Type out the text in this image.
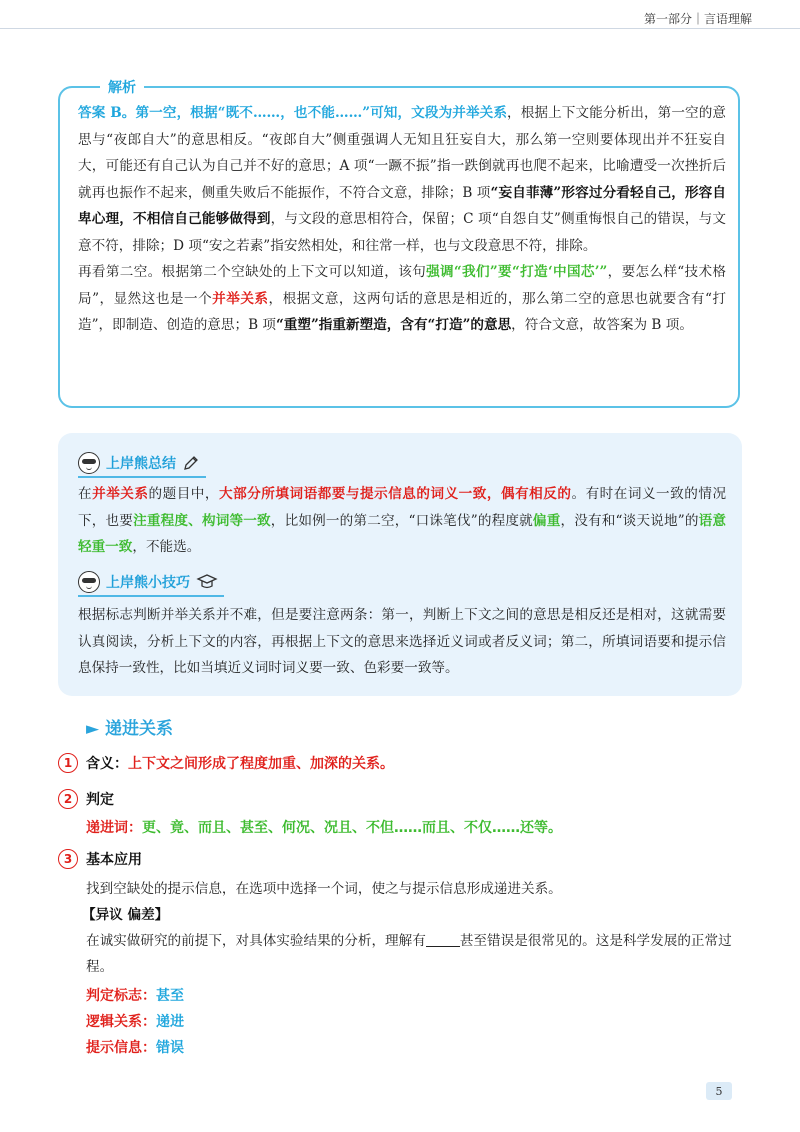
第一部分｜言语理解
解析

答案 B。第一空，根据“既不……，也不能……”可知，文段为并举关系，根据上下文能分析出，第一空的意思与“夜郎自大”的意思相反。“夜郎自大”侧重强调人无知且狂妄自大，那么第一空则要体现出并不狂妄自大，可能还有自己认为自己并不好的意思；A 项“一蹶不振”指一跌倒就再也爬不起来，比喻遭受一次挫折后就再也振作不起来，侧重失败后不能振作，不符合文意，排除；B 项“妄自菲薄”形容过分看轻自己，形容自卑心理，不相信自己能够做得到，与文段的意思相符合，保留；C 项“自怨自艾”侧重悔恨自己的错误，与文意不符，排除；D 项“安之若素”指安然相处，和往常一样，也与文段意思不符，排除。

再看第二空。根据第二个空缺处的上下文可以知道，该句强调“我们”要“打造‘中国芯’”，要怎么样“技术格局”，显然这也是一个并举关系，根据文意，这两句话的意思是相近的，那么第二空的意思也就要含有“打造”，即制造、创造的意思；B 项“重塑”指重新塑造，含有“打造”的意思，符合文意，故答案为 B 项。

上岸熊总结

在并举关系的题目中，大部分所填词语都要与提示信息的词义一致，偶有相反的。有时在词义一致的情况下，也要注重程度、构词等一致，比如例一的第二空，“口诛笔伐”的程度就偏重，没有和“谈天说地”的语意轻重一致，不能选。

上岸熊小技巧

根据标志判断并举关系并不难，但是要注意两条：第一，判断上下文之间的意思是相反还是相对，这就需要认真阅读，分析上下文的内容，再根据上下文的意思来选择近义词或者反义词；第二，所填词语要和提示信息保持一致性，比如当填近义词时词义要一致、色彩要一致等。

► 递进关系
1 含义：上下文之间形成了程度加重、加深的关系。
2 判定
递进词：更、竟、而且、甚至、何况、况且、不但……而且、不仅……还等。
3 基本应用
找到空缺处的提示信息，在选项中选择一个词，使之与提示信息形成递进关系。
【异议 偏差】
在诚实做研究的前提下，对具体实验结果的分析，理解有	甚至错误是很常见的。这是科学发展的正常过程。
判定标志：甚至
逻辑关系：递进
提示信息：错误
5
